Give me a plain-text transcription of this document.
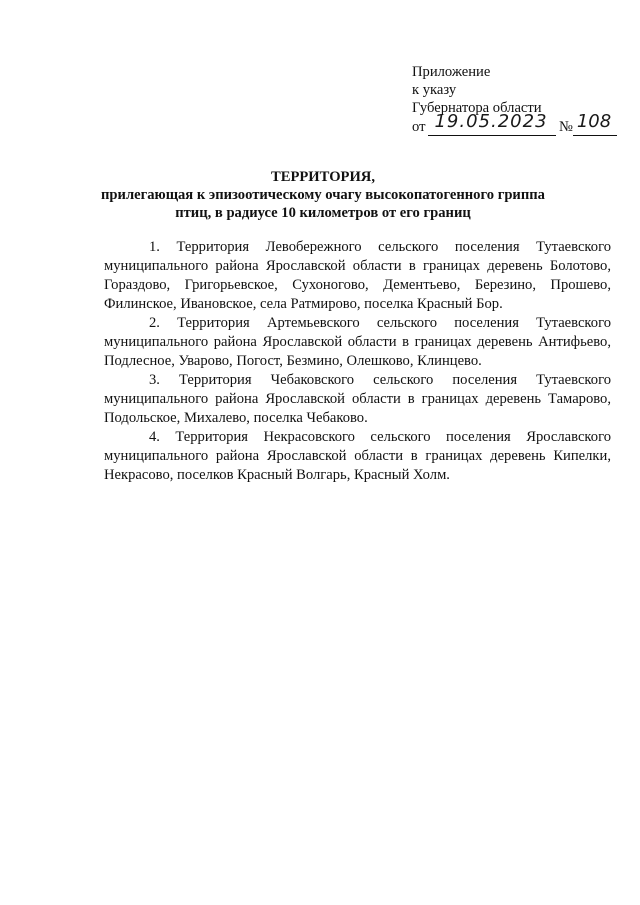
Приложение
к указу
Губернатора области
от 19.05.2023 № 108
ТЕРРИТОРИЯ,
прилегающая к эпизоотическому очагу высокопатогенного гриппа птиц, в радиусе 10 километров от его границ

1. Территория Левобережного сельского поселения Тутаевского муниципального района Ярославской области в границах деревень Болотово, Гораздово, Григорьевское, Сухоногово, Дементьево, Березино, Прошево, Филинское, Ивановское, села Ратмирово, поселка Красный Бор.

2. Территория Артемьевского сельского поселения Тутаевского муниципального района Ярославской области в границах деревень Антифьево, Подлесное, Уварово, Погост, Безмино, Олешково, Клинцево.

3. Территория Чебаковского сельского поселения Тутаевского муниципального района Ярославской области в границах деревень Тамарово, Подольское, Михалево, поселка Чебаково.

4. Территория Некрасовского сельского поселения Ярославского муниципального района Ярославской области в границах деревень Кипелки, Некрасово, поселков Красный Волгарь, Красный Холм.
